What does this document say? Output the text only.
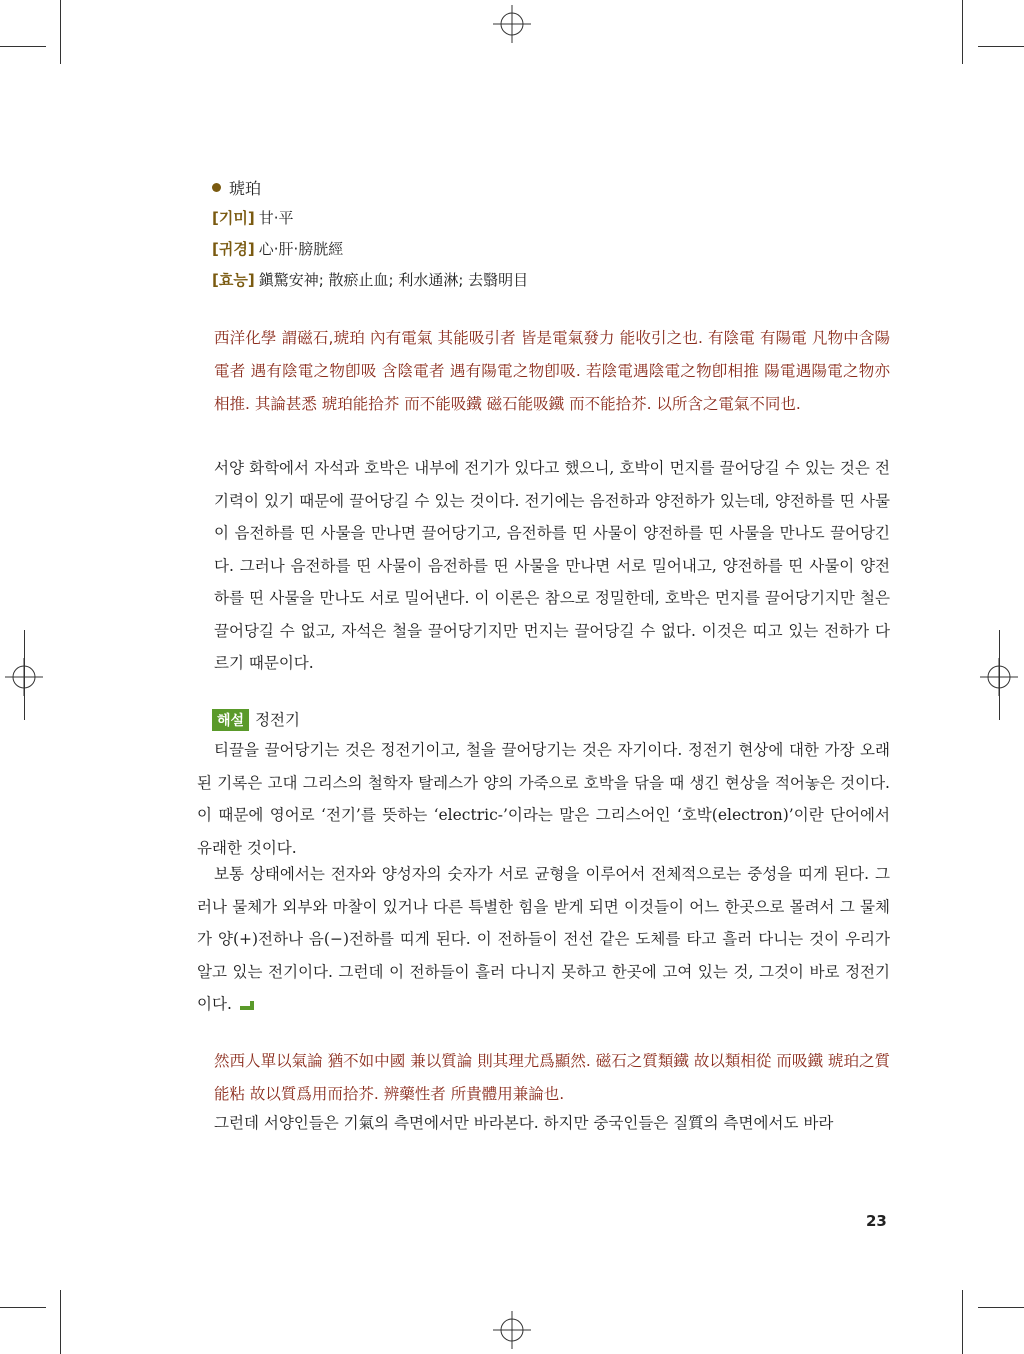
琥珀
[기미] 甘·平
[귀경] 心·肝·膀胱經
[효능] 鎭驚安神; 散瘀止血; 利水通淋; 去翳明目
西洋化學 謂磁石,琥珀 內有電氣 其能吸引者 皆是電氣發力 能收引之也. 有陰電 有陽電 凡物中含陽電者 遇有陰電之物卽吸 含陰電者 遇有陽電之物卽吸. 若陰電遇陰電之物卽相推 陽電遇陽電之物亦相推. 其論甚悉 琥珀能拾芥 而不能吸鐵 磁石能吸鐵 而不能拾芥. 以所含之電氣不同也.
서양 화학에서 자석과 호박은 내부에 전기가 있다고 했으니, 호박이 먼지를 끌어당길 수 있는 것은 전기력이 있기 때문에 끌어당길 수 있는 것이다. 전기에는 음전하과 양전하가 있는데, 양전하를 띤 사물이 음전하를 띤 사물을 만나면 끌어당기고, 음전하를 띤 사물이 양전하를 띤 사물을 만나도 끌어당긴다. 그러나 음전하를 띤 사물이 음전하를 띤 사물을 만나면 서로 밀어내고, 양전하를 띤 사물이 양전하를 띤 사물을 만나도 서로 밀어낸다. 이 이론은 참으로 정밀한데, 호박은 먼지를 끌어당기지만 철은 끌어당길 수 없고, 자석은 철을 끌어당기지만 먼지는 끌어당길 수 없다. 이것은 띠고 있는 전하가 다르기 때문이다.
해설 정전기
티끌을 끌어당기는 것은 정전기이고, 철을 끌어당기는 것은 자기이다. 정전기 현상에 대한 가장 오래된 기록은 고대 그리스의 철학자 탈레스가 양의 가죽으로 호박을 닦을 때 생긴 현상을 적어놓은 것이다. 이 때문에 영어로 ‘전기’를 뜻하는 ‘electric-’이라는 말은 그리스어인 ‘호박(electron)’이란 단어에서 유래한 것이다.
보통 상태에서는 전자와 양성자의 숫자가 서로 균형을 이루어서 전체적으로는 중성을 띠게 된다. 그러나 물체가 외부와 마찰이 있거나 다른 특별한 힘을 받게 되면 이것들이 어느 한곳으로 몰려서 그 물체가 양(+)전하나 음(−)전하를 띠게 된다. 이 전하들이 전선 같은 도체를 타고 흘러 다니는 것이 우리가 알고 있는 전기이다. 그런데 이 전하들이 흘러 다니지 못하고 한곳에 고여 있는 것, 그것이 바로 정전기이다.
然西人單以氣論 猶不如中國 兼以質論 則其理尤爲顯然. 磁石之質類鐵 故以類相從 而吸鐵 琥珀之質能粘 故以質爲用而拾芥. 辨藥性者 所貴體用兼論也.
그런데 서양인들은 기氣의 측면에서만 바라본다. 하지만 중국인들은 질質의 측면에서도 바라
23
